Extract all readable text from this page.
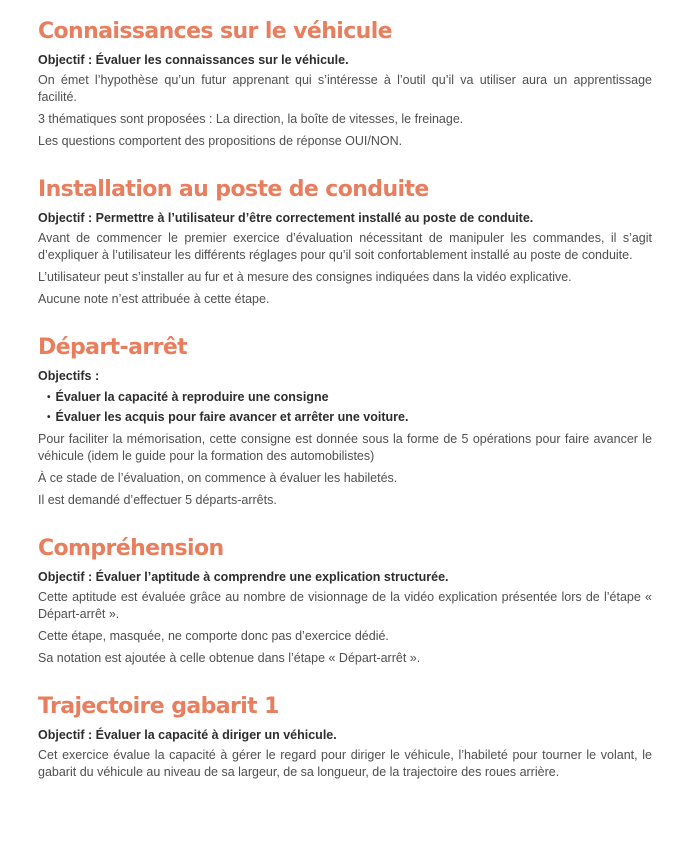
Connaissances sur le véhicule

Objectif : Évaluer les connaissances sur le véhicule.

On émet l’hypothèse qu’un futur apprenant qui s’intéresse à l’outil qu’il va utiliser aura un apprentissage facilité.

3 thématiques sont proposées : La direction, la boîte de vitesses, le freinage.

Les questions comportent des propositions de réponse OUI/NON.

Installation au poste de conduite

Objectif : Permettre à l’utilisateur d’être correctement installé au poste de conduite.

Avant de commencer le premier exercice d’évaluation nécessitant de manipuler les commandes, il s’agit d’expliquer à l’utilisateur les différents réglages pour qu’il soit confortablement installé au poste de conduite.

L’utilisateur peut s’installer au fur et à mesure des consignes indiquées dans la vidéo explicative.

Aucune note n’est attribuée à cette étape.

Départ-arrêt

Objectifs :

• Évaluer la capacité à reproduire une consigne
• Évaluer les acquis pour faire avancer et arrêter une voiture.

Pour faciliter la mémorisation, cette consigne est donnée sous la forme de 5 opérations pour faire avancer le véhicule (idem le guide pour la formation des automobilistes)

À ce stade de l’évaluation, on commence à évaluer les habiletés.

Il est demandé d’effectuer 5 départs-arrêts.

Compréhension

Objectif : Évaluer l’aptitude à comprendre une explication structurée.

Cette aptitude est évaluée grâce au nombre de visionnage de la vidéo explication présentée lors de l’étape « Départ-arrêt ».

Cette étape, masquée, ne comporte donc pas d’exercice dédié.

Sa notation est ajoutée à celle obtenue dans l’étape « Départ-arrêt ».

Trajectoire gabarit 1

Objectif : Évaluer la capacité à diriger un véhicule.

Cet exercice évalue la capacité à gérer le regard pour diriger le véhicule, l’habileté pour tourner le volant, le gabarit du véhicule au niveau de sa largeur, de sa longueur, de la trajectoire des roues arrière.
